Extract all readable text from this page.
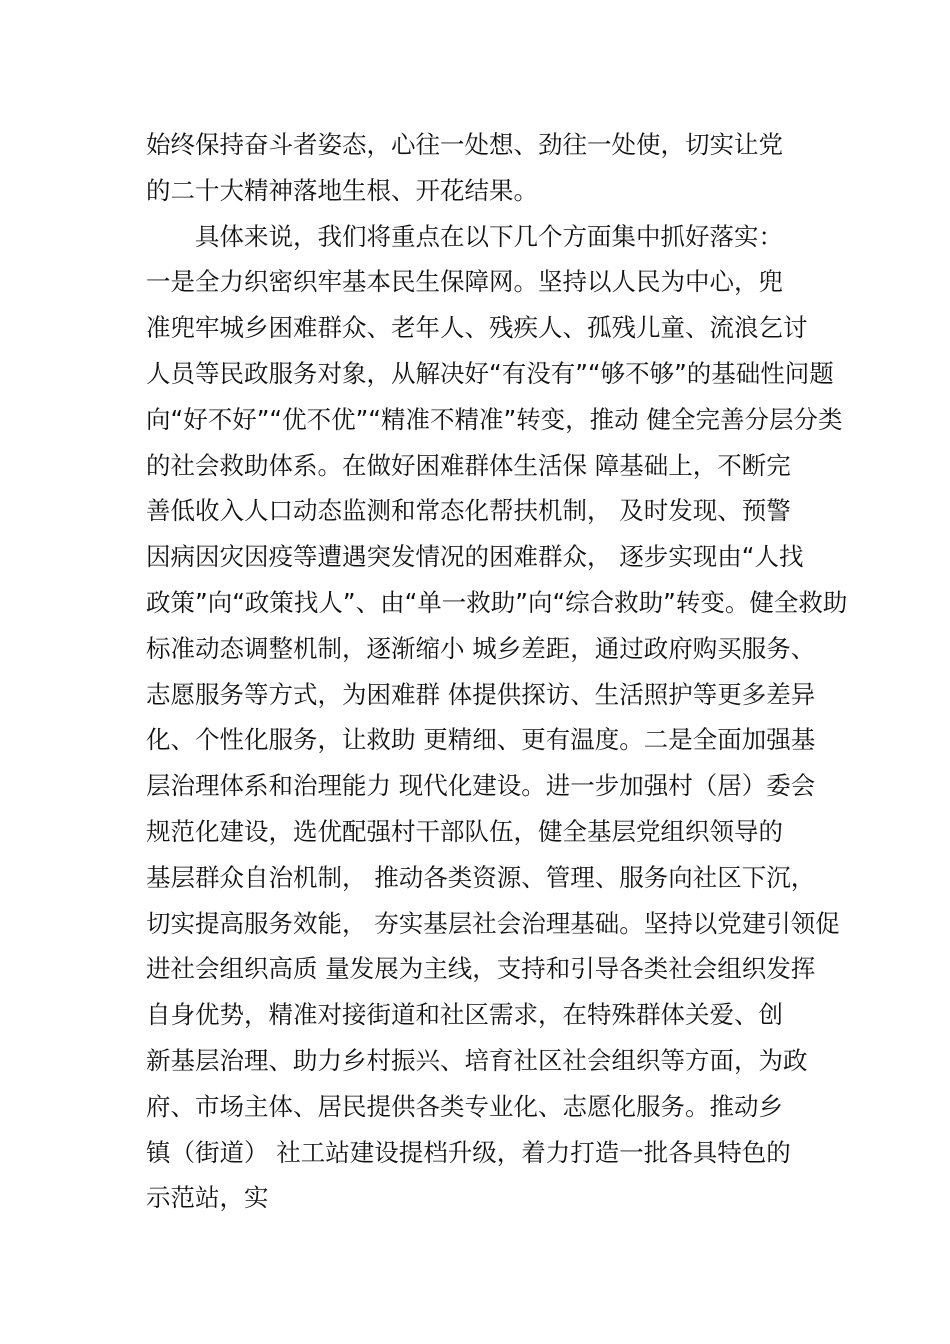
始终保持奋斗者姿态，心往一处想、劲往一处使，切实让党
的二十大精神落地生根、开花结果。
　　具体来说，我们将重点在以下几个方面集中抓好落实：
一是全力织密织牢基本民生保障网。坚持以人民为中心，兜
准兜牢城乡困难群众、老年人、残疾人、孤残儿童、流浪乞讨
人员等民政服务对象，从解决好“有没有”“够不够”的基础性问题
向“好不好”“优不优”“精准不精准”转变，推动 健全完善分层分类
的社会救助体系。在做好困难群体生活保 障基础上，不断完
善低收入人口动态监测和常态化帮扶机制， 及时发现、预警
因病因灾因疫等遭遇突发情况的困难群众， 逐步实现由“人找
政策”向“政策找人”、由“单一救助”向“综合救助”转变。健全救助
标准动态调整机制，逐渐缩小 城乡差距，通过政府购买服务、
志愿服务等方式，为困难群 体提供探访、生活照护等更多差异
化、个性化服务，让救助 更精细、更有温度。二是全面加强基
层治理体系和治理能力 现代化建设。进一步加强村（居）委会
规范化建设，选优配强村干部队伍，健全基层党组织领导的
基层群众自治机制， 推动各类资源、管理、服务向社区下沉，
切实提高服务效能， 夯实基层社会治理基础。坚持以党建引领促
进社会组织高质 量发展为主线，支持和引导各类社会组织发挥
自身优势，精准对接街道和社区需求，在特殊群体关爱、创
新基层治理、助力乡村振兴、培育社区社会组织等方面，为政
府、市场主体、居民提供各类专业化、志愿化服务。推动乡
镇（街道） 社工站建设提档升级，着力打造一批各具特色的
示范站，实
